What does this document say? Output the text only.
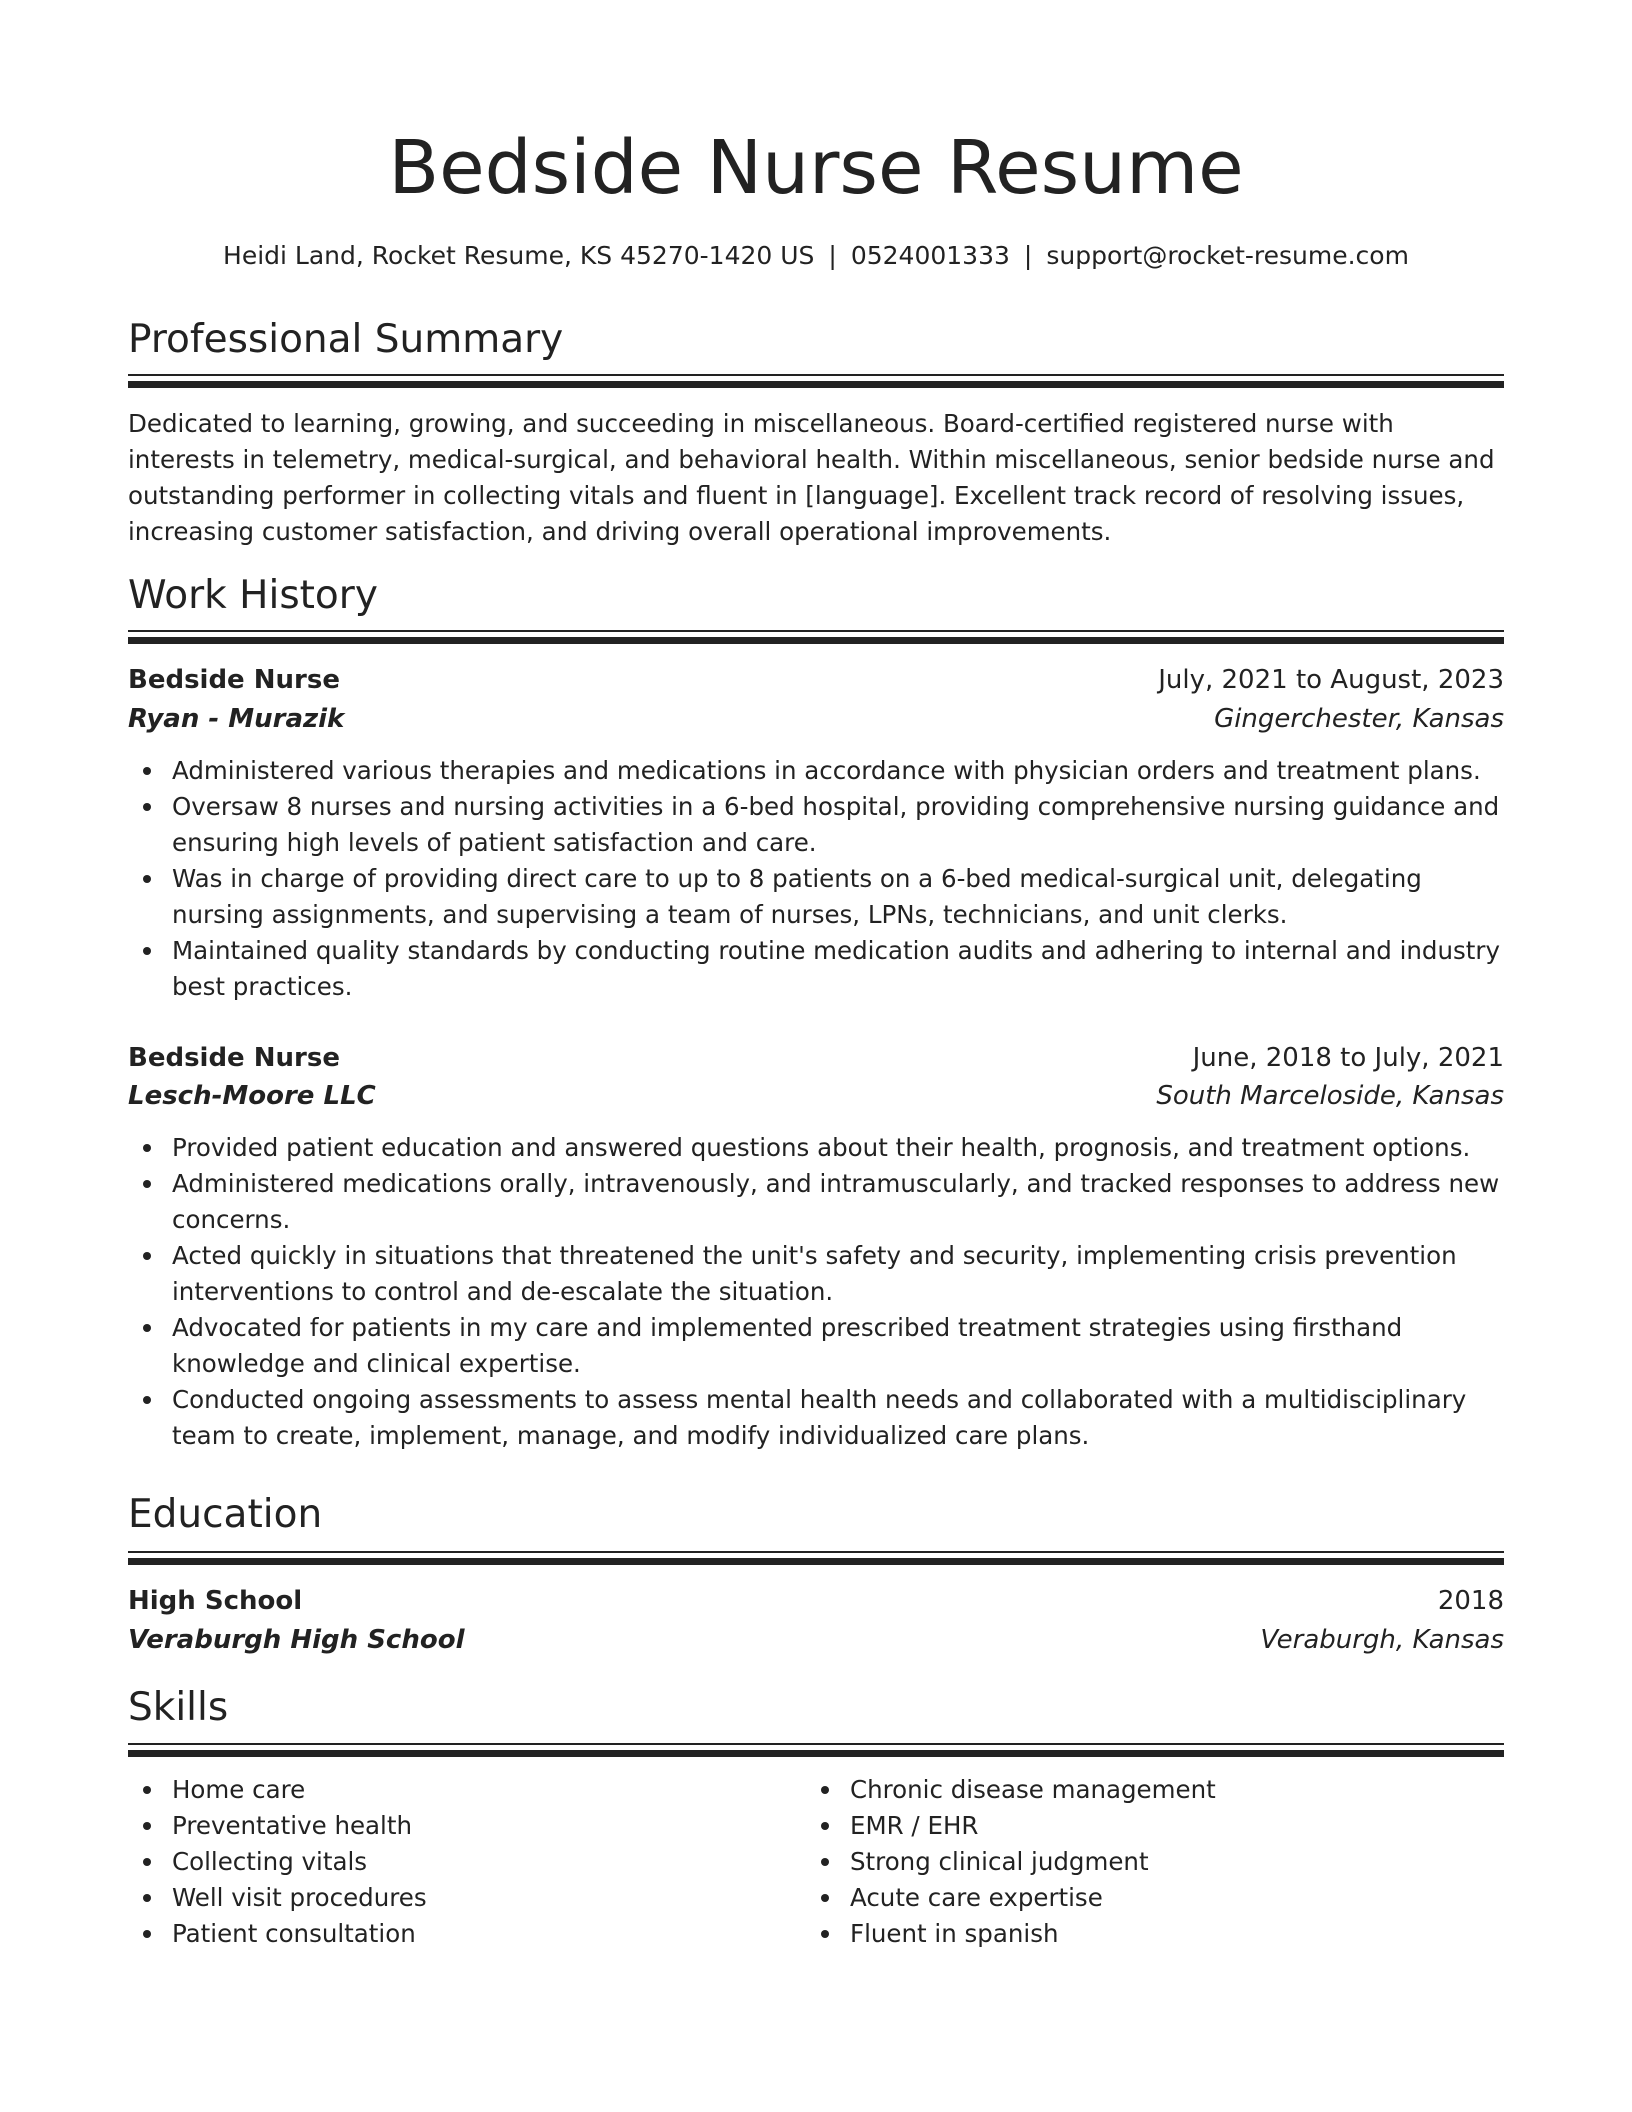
Bedside Nurse Resume
Heidi Land, Rocket Resume, KS 45270-1420 US | 0524001333 | support@rocket-resume.com
Professional Summary

Dedicated to learning, growing, and succeeding in miscellaneous. Board-certified registered nurse with interests in telemetry, medical-surgical, and behavioral health. Within miscellaneous, senior bedside nurse and outstanding performer in collecting vitals and fluent in [language]. Excellent track record of resolving issues, increasing customer satisfaction, and driving overall operational improvements.

Work History
Bedside Nurse	July, 2021 to August, 2023
Ryan - Murazik	Gingerchester, Kansas
Administered various therapies and medications in accordance with physician orders and treatment plans.
Oversaw 8 nurses and nursing activities in a 6-bed hospital, providing comprehensive nursing guidance and ensuring high levels of patient satisfaction and care.
Was in charge of providing direct care to up to 8 patients on a 6-bed medical-surgical unit, delegating nursing assignments, and supervising a team of nurses, LPNs, technicians, and unit clerks.
Maintained quality standards by conducting routine medication audits and adhering to internal and industry best practices.
Bedside Nurse	June, 2018 to July, 2021
Lesch-Moore LLC	South Marceloside, Kansas
Provided patient education and answered questions about their health, prognosis, and treatment options.
Administered medications orally, intravenously, and intramuscularly, and tracked responses to address new concerns.
Acted quickly in situations that threatened the unit's safety and security, implementing crisis prevention interventions to control and de-escalate the situation.
Advocated for patients in my care and implemented prescribed treatment strategies using firsthand knowledge and clinical expertise.
Conducted ongoing assessments to assess mental health needs and collaborated with a multidisciplinary team to create, implement, manage, and modify individualized care plans.
Education
High School	2018
Veraburgh High School	Veraburgh, Kansas
Skills
Home care
Preventative health
Collecting vitals
Well visit procedures
Patient consultation
Chronic disease management
EMR / EHR
Strong clinical judgment
Acute care expertise
Fluent in spanish
